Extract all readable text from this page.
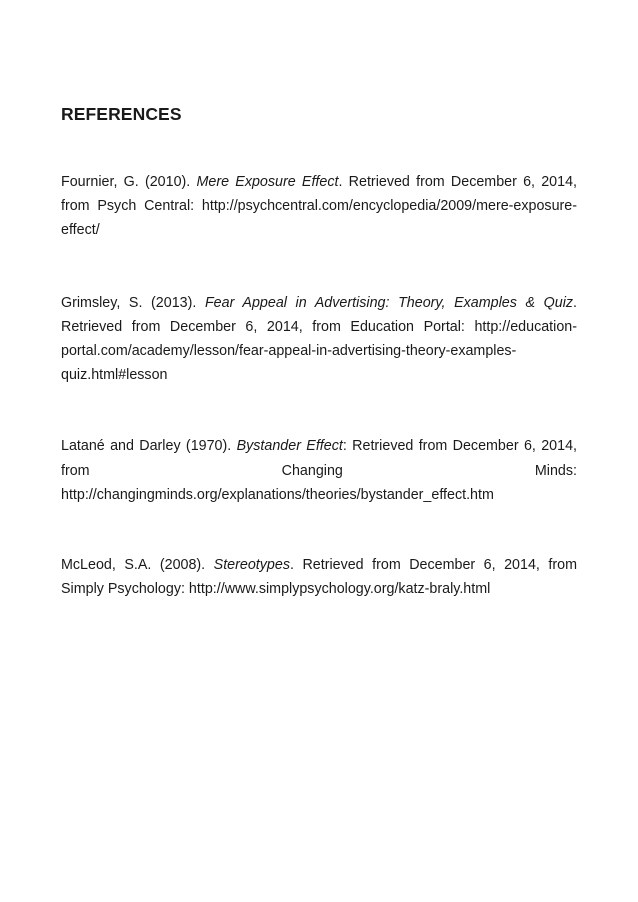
REFERENCES

Fournier, G. (2010). Mere Exposure Effect. Retrieved from December 6, 2014, from Psych Central: http://psychcentral.com/encyclopedia/2009/mere-exposure-effect/

Grimsley, S. (2013). Fear Appeal in Advertising: Theory, Examples & Quiz. Retrieved from December 6, 2014, from Education Portal: http://education-portal.com/academy/lesson/fear-appeal-in-advertising-theory-examples-quiz.html#lesson

Latané and Darley (1970). Bystander Effect: Retrieved from December 6, 2014, from Changing Minds: http://changingminds.org/explanations/theories/bystander_effect.htm

McLeod, S.A. (2008). Stereotypes. Retrieved from December 6, 2014, from Simply Psychology: http://www.simplypsychology.org/katz-braly.html
